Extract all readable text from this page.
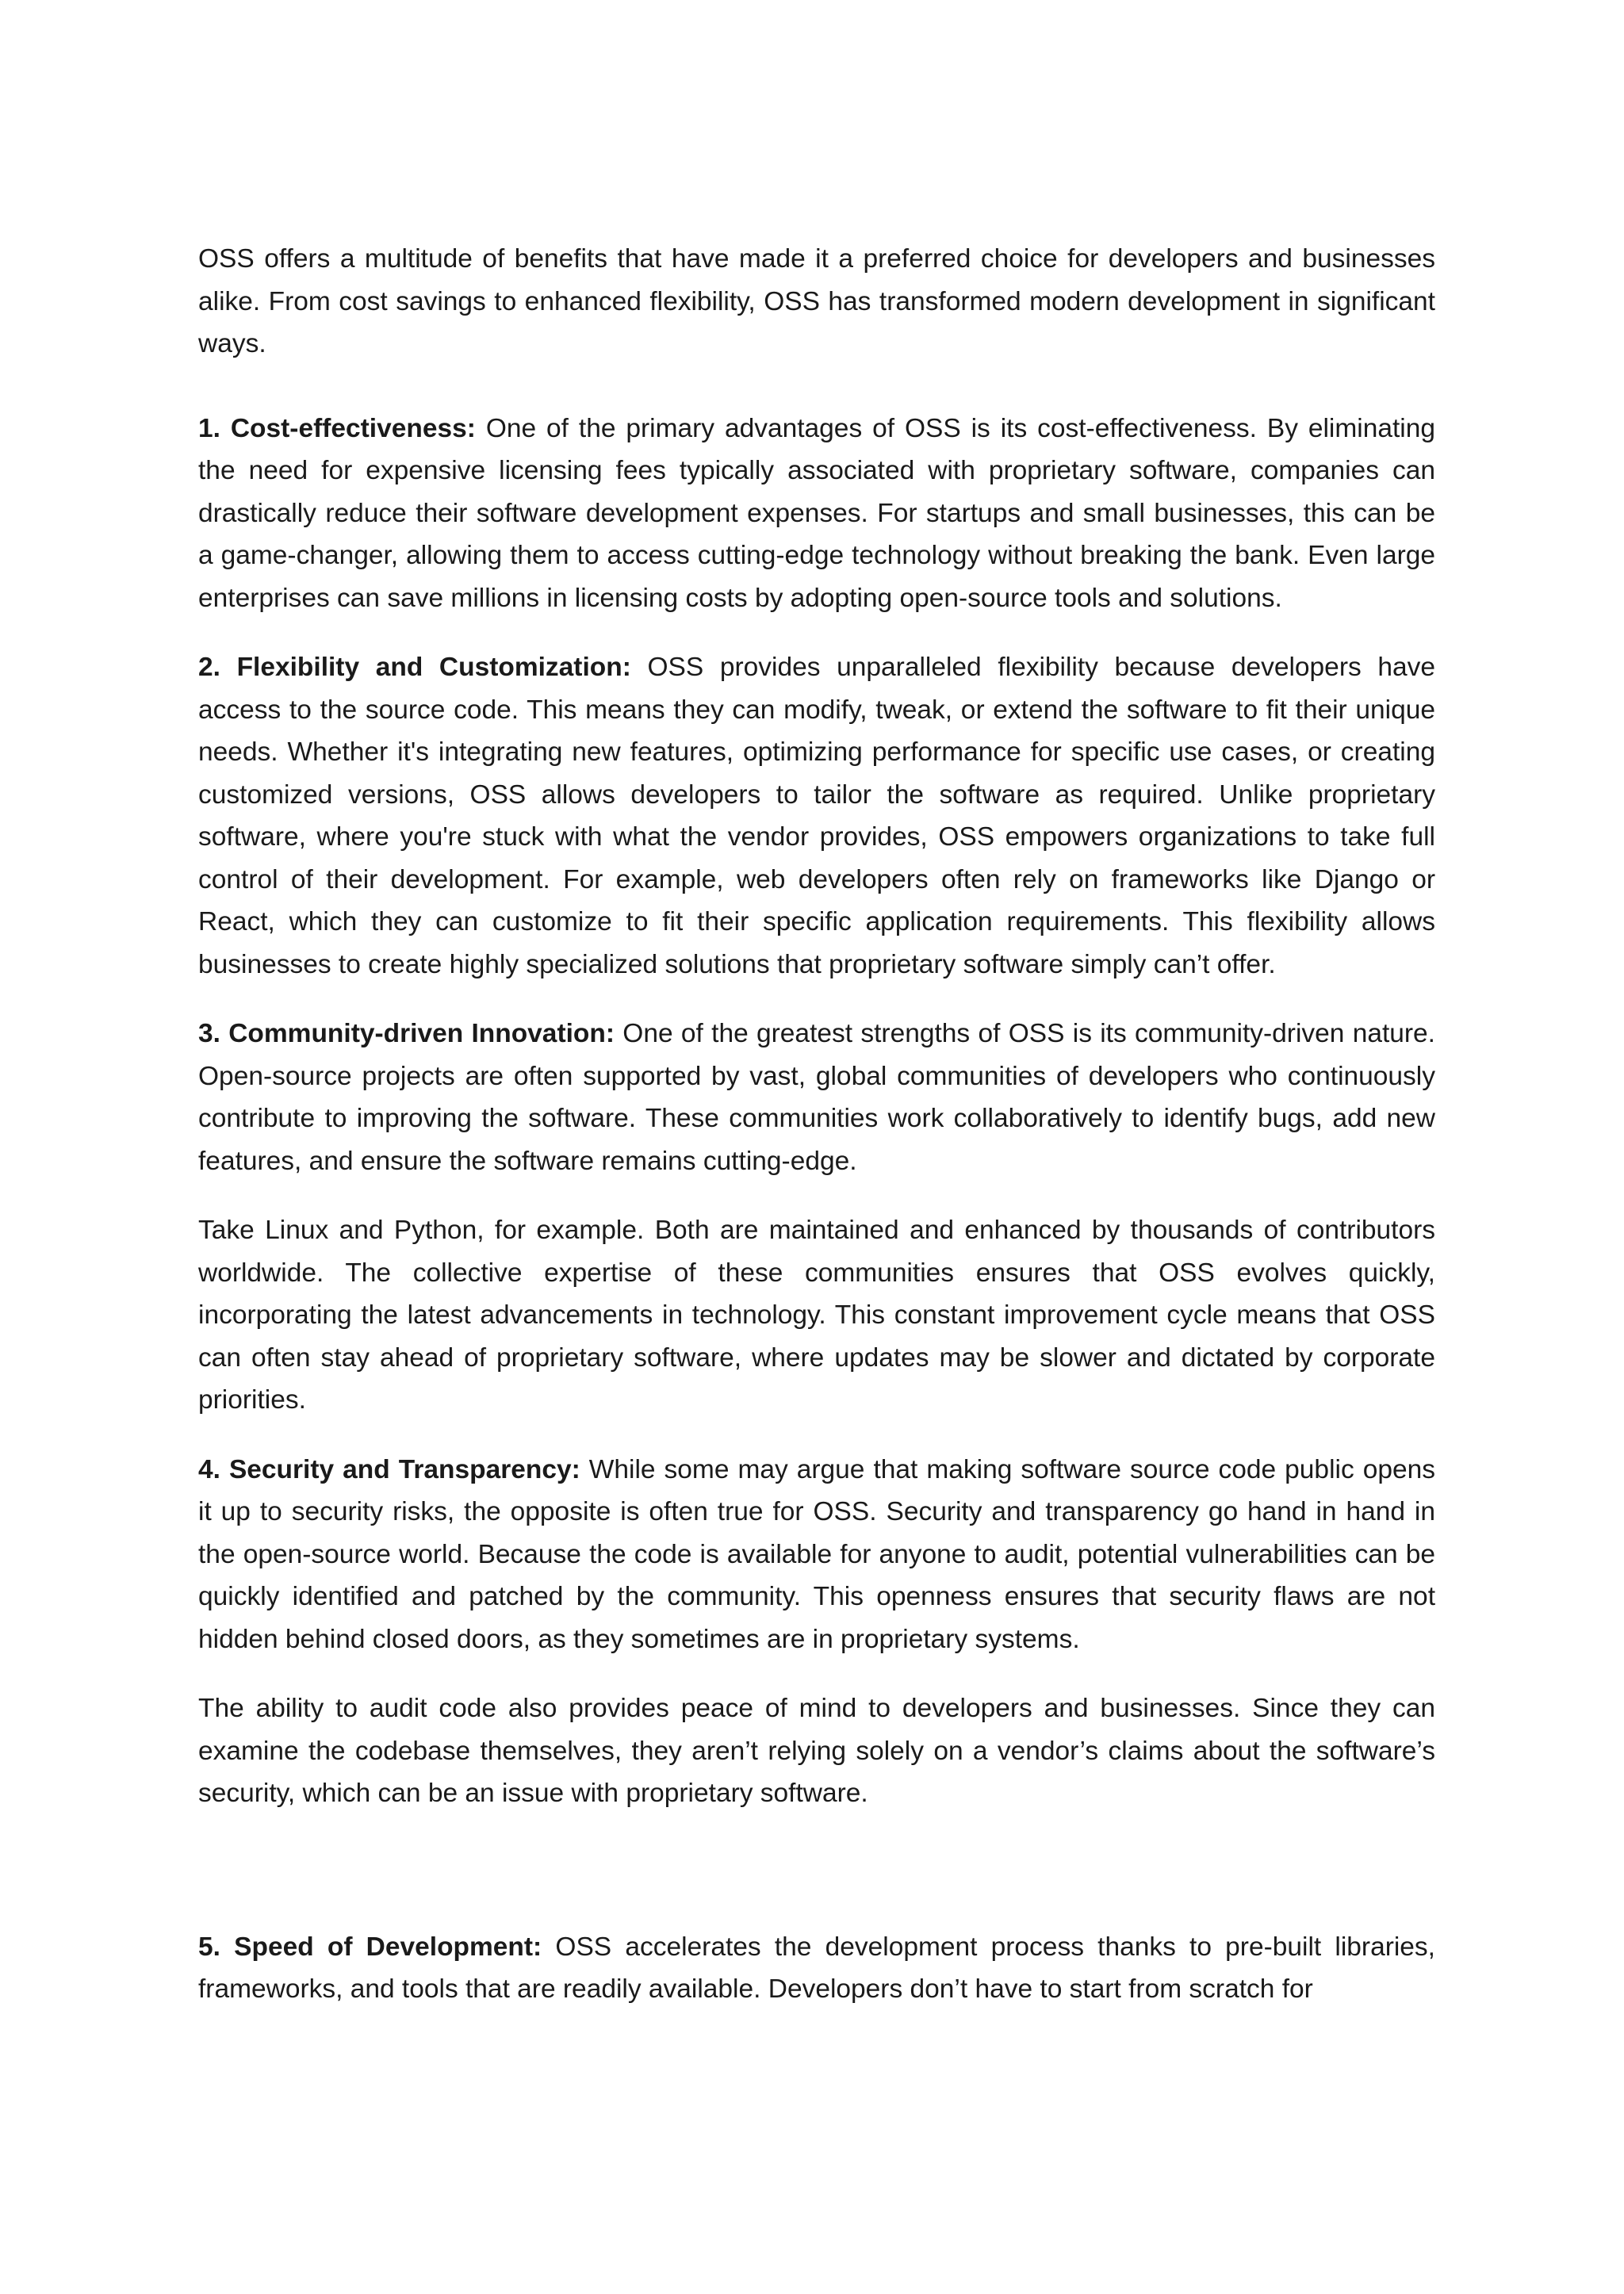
OSS offers a multitude of benefits that have made it a preferred choice for developers and businesses alike. From cost savings to enhanced flexibility, OSS has transformed modern development in significant ways.

1. Cost-effectiveness: One of the primary advantages of OSS is its cost-effectiveness. By eliminating the need for expensive licensing fees typically associated with proprietary software, companies can drastically reduce their software development expenses. For startups and small businesses, this can be a game-changer, allowing them to access cutting-edge technology without breaking the bank. Even large enterprises can save millions in licensing costs by adopting open-source tools and solutions.

2. Flexibility and Customization: OSS provides unparalleled flexibility because developers have access to the source code. This means they can modify, tweak, or extend the software to fit their unique needs. Whether it's integrating new features, optimizing performance for specific use cases, or creating customized versions, OSS allows developers to tailor the software as required. Unlike proprietary software, where you're stuck with what the vendor provides, OSS empowers organizations to take full control of their development. For example, web developers often rely on frameworks like Django or React, which they can customize to fit their specific application requirements. This flexibility allows businesses to create highly specialized solutions that proprietary software simply can’t offer.

3. Community-driven Innovation: One of the greatest strengths of OSS is its community-driven nature. Open-source projects are often supported by vast, global communities of developers who continuously contribute to improving the software. These communities work collaboratively to identify bugs, add new features, and ensure the software remains cutting-edge.

Take Linux and Python, for example. Both are maintained and enhanced by thousands of contributors worldwide. The collective expertise of these communities ensures that OSS evolves quickly, incorporating the latest advancements in technology. This constant improvement cycle means that OSS can often stay ahead of proprietary software, where updates may be slower and dictated by corporate priorities.

4. Security and Transparency: While some may argue that making software source code public opens it up to security risks, the opposite is often true for OSS. Security and transparency go hand in hand in the open-source world. Because the code is available for anyone to audit, potential vulnerabilities can be quickly identified and patched by the community. This openness ensures that security flaws are not hidden behind closed doors, as they sometimes are in proprietary systems.

The ability to audit code also provides peace of mind to developers and businesses. Since they can examine the codebase themselves, they aren’t relying solely on a vendor’s claims about the software’s security, which can be an issue with proprietary software.

5. Speed of Development: OSS accelerates the development process thanks to pre-built libraries, frameworks, and tools that are readily available. Developers don’t have to start from scratch for
